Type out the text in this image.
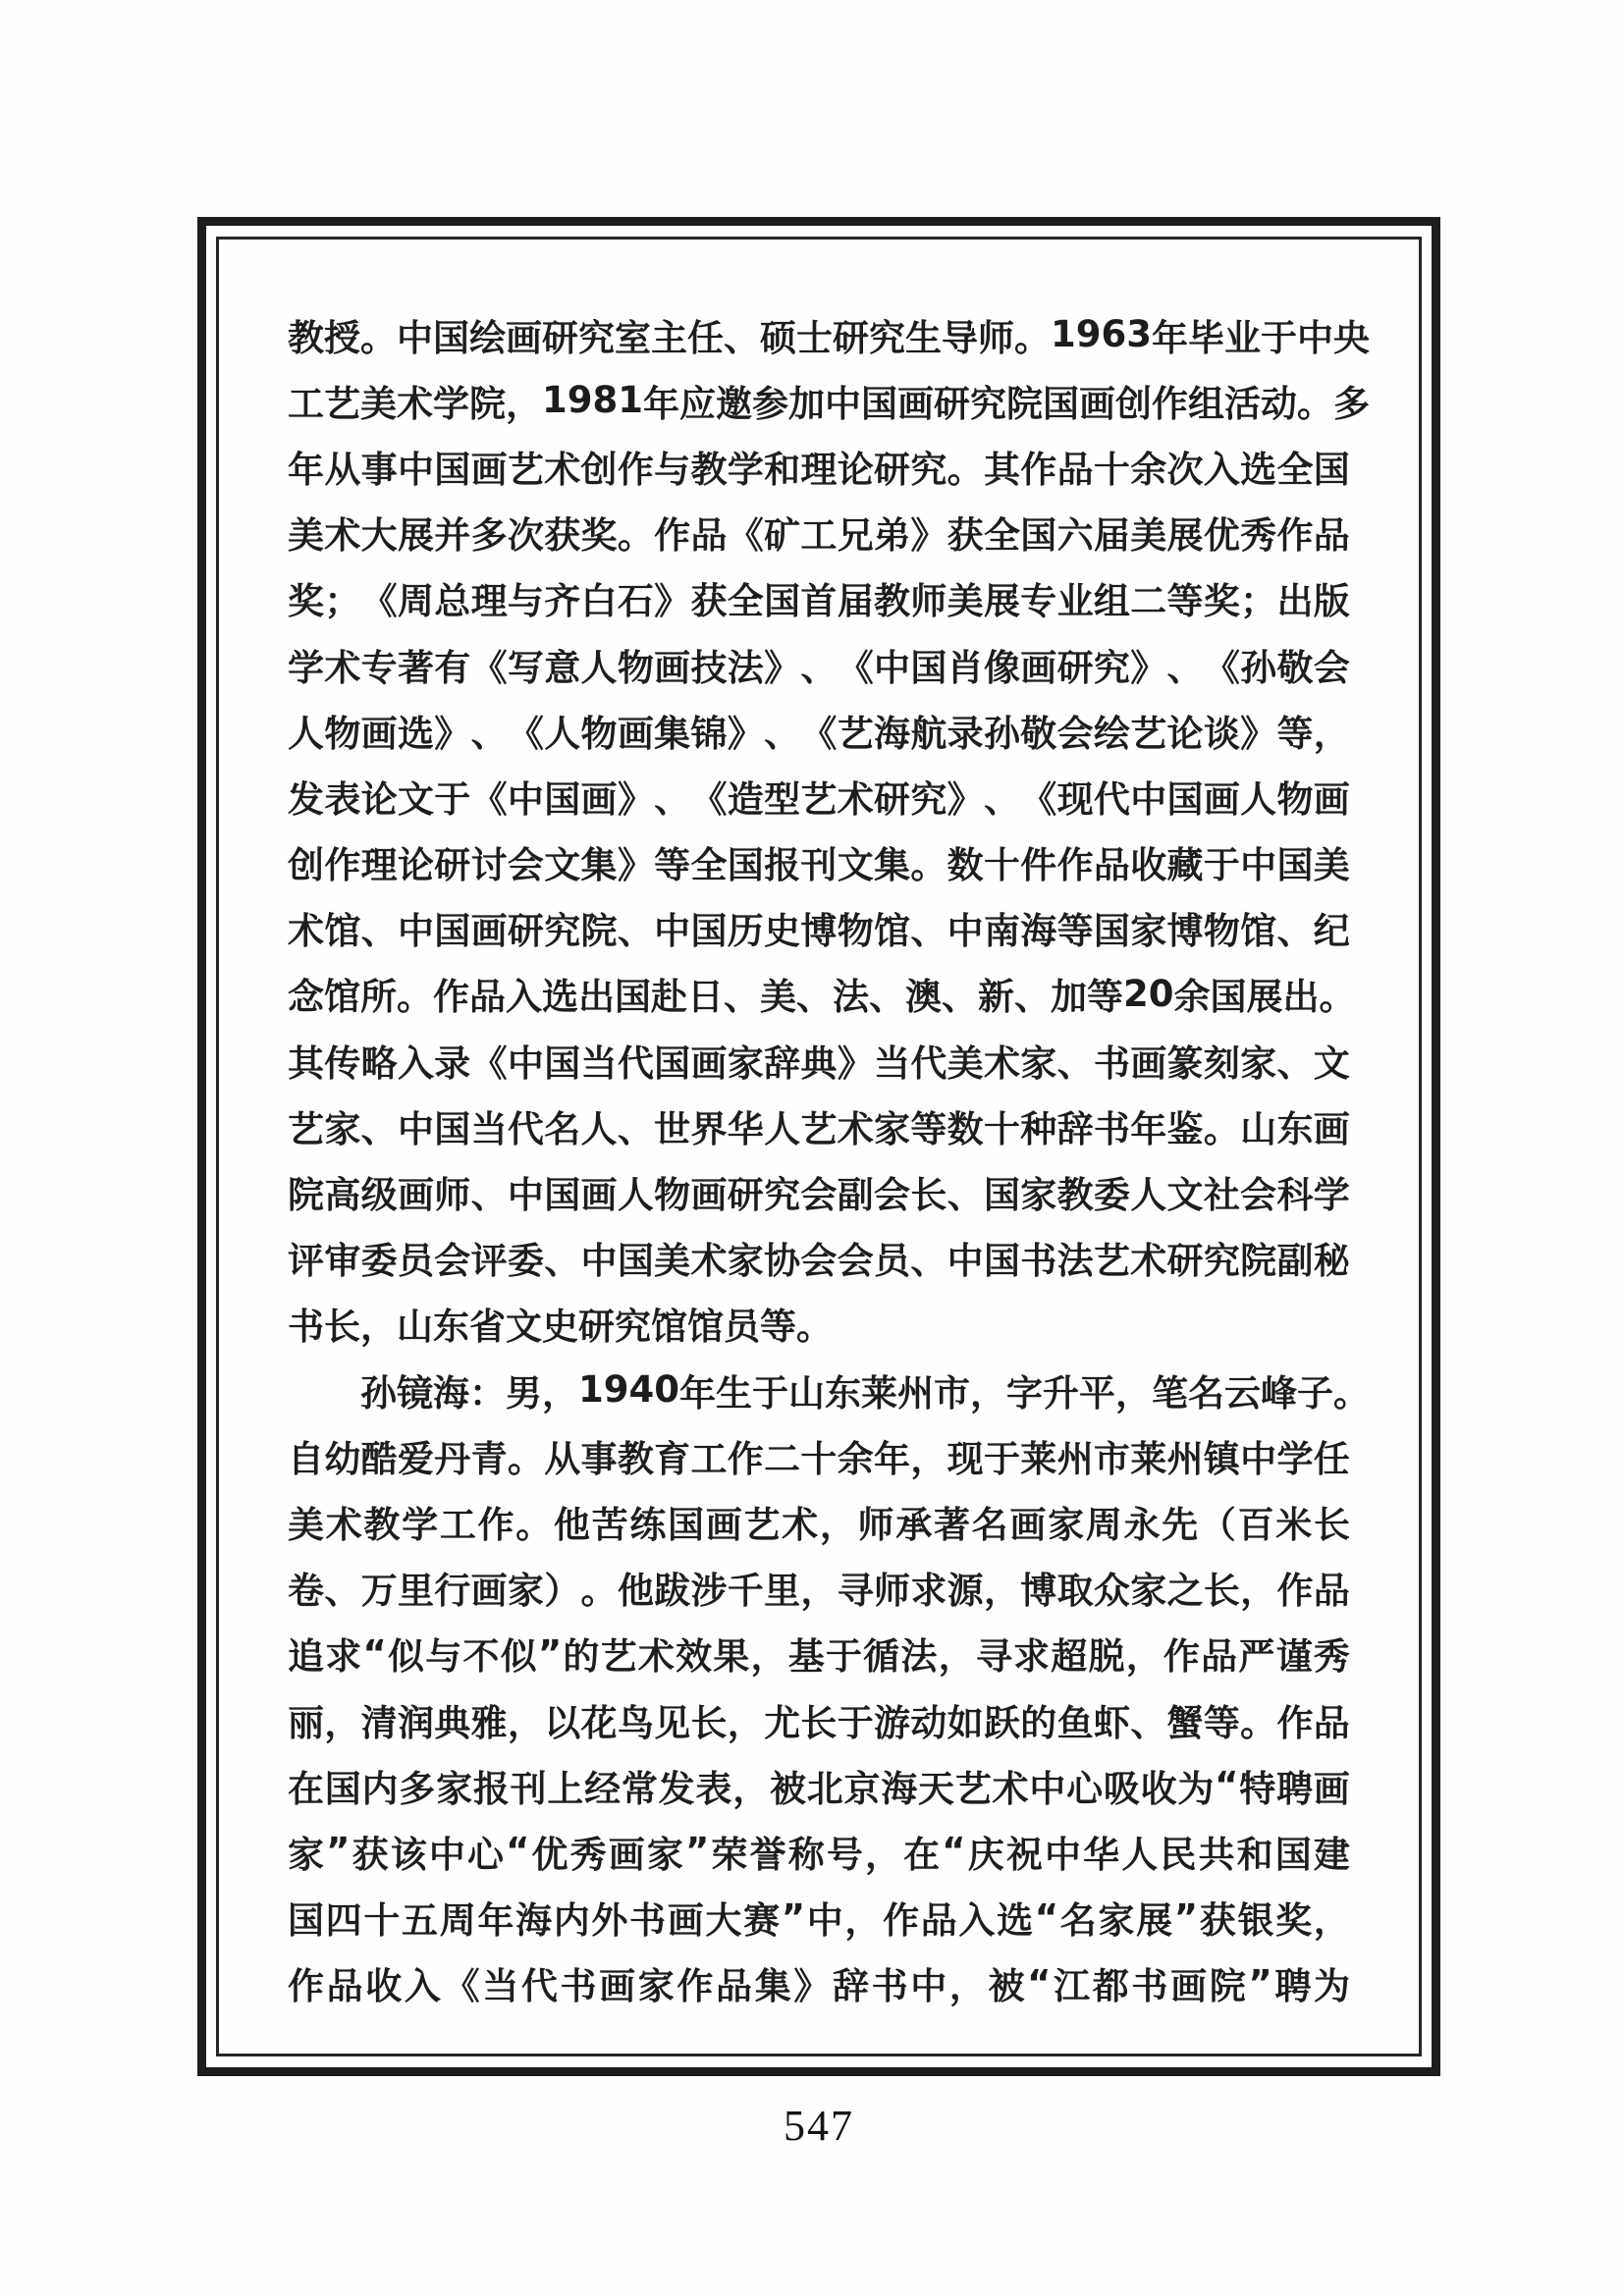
教 授 。 中 国 绘 画 研 究 室 主 任 、 硕 士 研 究 生 导 师 。 1963 年 毕 业 于 中 央
工 艺 美 术 学 院 ， 1981 年 应 邀 参 加 中 国 画 研 究 院 国 画 创 作 组 活 动 。 多
年 从 事 中 国 画 艺 术 创 作 与 教 学 和 理 论 研 究 。 其 作 品 十 余 次 入 选 全 国
美 术 大 展 并 多 次 获 奖 。 作 品 《 矿 工 兄 弟 》 获 全 国 六 届 美 展 优 秀 作 品
奖 ； 《 周 总 理 与 齐 白 石 》 获 全 国 首 届 教 师 美 展 专 业 组 二 等 奖 ； 出 版
学 术 专 著 有 《 写 意 人 物 画 技 法 》 、 《 中 国 肖 像 画 研 究 》 、 《 孙 敬 会
人 物 画 选 》 、 《 人 物 画 集 锦 》 、 《 艺 海 航 录 孙 敬 会 绘 艺 论 谈 》 等 ，
发 表 论 文 于 《 中 国 画 》 、 《 造 型 艺 术 研 究 》 、 《 现 代 中 国 画 人 物 画
创 作 理 论 研 讨 会 文 集 》 等 全 国 报 刊 文 集 。 数 十 件 作 品 收 藏 于 中 国 美
术 馆 、 中 国 画 研 究 院 、 中 国 历 史 博 物 馆 、 中 南 海 等 国 家 博 物 馆 、 纪
念 馆 所 。 作 品 入 选 出 国 赴 日 、 美 、 法 、 澳 、 新 、 加 等 20 余 国 展 出 。
其 传 略 入 录 《 中 国 当 代 国 画 家 辞 典 》 当 代 美 术 家 、 书 画 篆 刻 家 、 文
艺 家 、 中 国 当 代 名 人 、 世 界 华 人 艺 术 家 等 数 十 种 辞 书 年 鉴 。 山 东 画
院 高 级 画 师 、 中 国 画 人 物 画 研 究 会 副 会 长 、 国 家 教 委 人 文 社 会 科 学
评 审 委 员 会 评 委 、 中 国 美 术 家 协 会 会 员 、 中 国 书 法 艺 术 研 究 院 副 秘
书 长 ， 山 东 省 文 史 研 究 馆 馆 员 等 。
孙 镜 海 ： 男 ， 1940 年 生 于 山 东 莱 州 市 ， 字 升 平 ， 笔 名 云 峰 子 。
自 幼 酷 爱 丹 青 。 从 事 教 育 工 作 二 十 余 年 ， 现 于 莱 州 市 莱 州 镇 中 学 任
美 术 教 学 工 作 。 他 苦 练 国 画 艺 术 ， 师 承 著 名 画 家 周 永 先 （ 百 米 长
卷 、 万 里 行 画 家 ） 。 他 跋 涉 千 里 ， 寻 师 求 源 ， 博 取 众 家 之 长 ， 作 品
追 求 “ 似 与 不 似 ” 的 艺 术 效 果 ， 基 于 循 法 ， 寻 求 超 脱 ， 作 品 严 谨 秀
丽 ， 清 润 典 雅 ， 以 花 鸟 见 长 ， 尤 长 于 游 动 如 跃 的 鱼 虾 、 蟹 等 。 作 品
在 国 内 多 家 报 刊 上 经 常 发 表 ， 被 北 京 海 天 艺 术 中 心 吸 收 为 “ 特 聘 画
家 ” 获 该 中 心 “ 优 秀 画 家 ” 荣 誉 称 号 ， 在 “ 庆 祝 中 华 人 民 共 和 国 建
国 四 十 五 周 年 海 内 外 书 画 大 赛 ” 中 ， 作 品 入 选 “ 名 家 展 ” 获 银 奖 ，
作 品 收 入 《 当 代 书 画 家 作 品 集 》 辞 书 中 ， 被 “ 江 都 书 画 院 ” 聘 为
547
